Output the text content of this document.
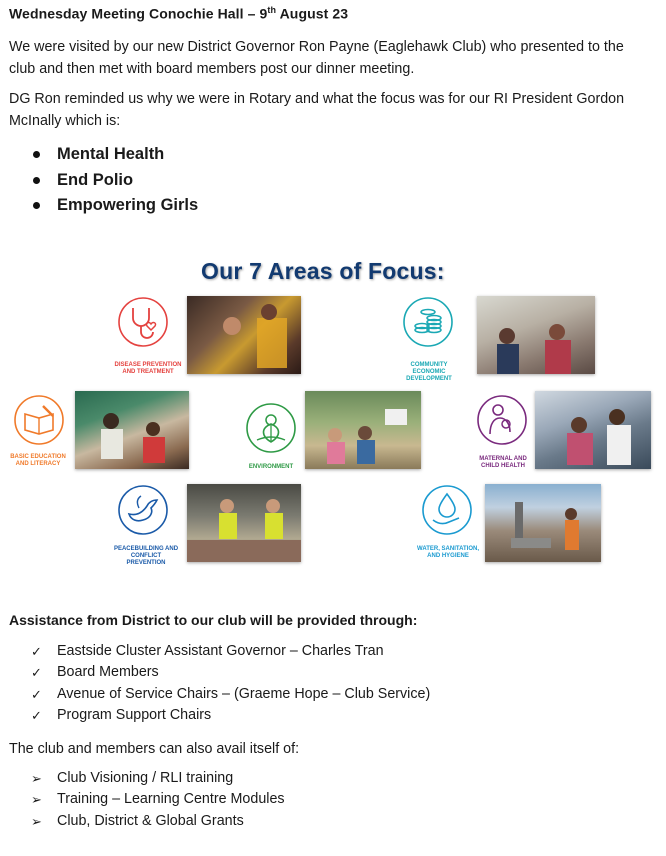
Wednesday Meeting Conochie Hall – 9th August 23
We were visited by our new District Governor Ron Payne (Eaglehawk Club) who presented to the club and then met with board members post our dinner meeting.
DG Ron reminded us why we were in Rotary and what the focus was for our RI President Gordon McInally which is:
Mental Health
End Polio
Empowering Girls
Our 7 Areas of Focus:
DISEASE PREVENTION AND TREATMENT
COMMUNITY ECONOMIC DEVELOPMENT
BASIC EDUCATION AND LITERACY	ENVIRONMENT
MATERNAL AND CHILD HEALTH
PEACEBUILDING AND CONFLICT PREVENTION
WATER, SANITATION, AND HYGIENE
Assistance from District to our club will be provided through:
✓ Eastside Cluster Assistant Governor – Charles Tran
✓ Board Members
✓ Avenue of Service Chairs – (Graeme Hope – Club Service)
✓ Program Support Chairs
The club and members can also avail itself of:
➢ Club Visioning / RLI training
➢ Training – Learning Centre Modules
➢ Club, District & Global Grants
